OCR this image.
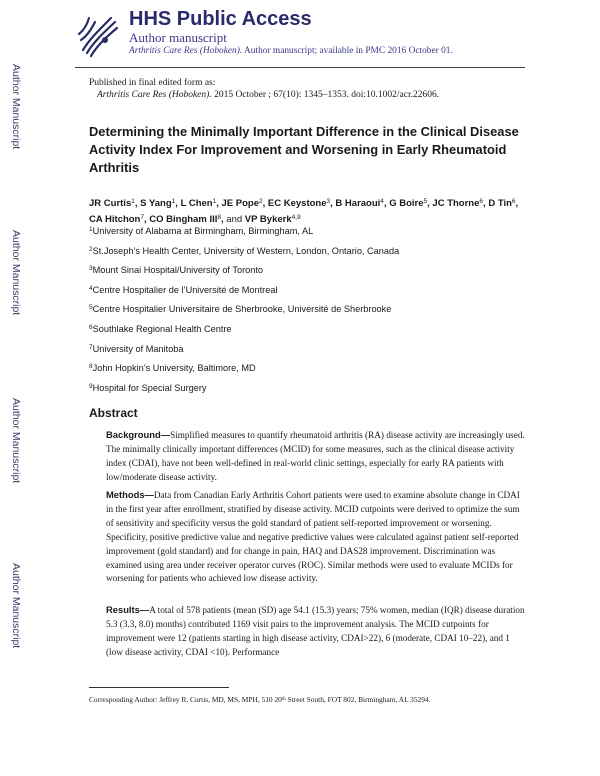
HHS Public Access
Author manuscript
Arthritis Care Res (Hoboken). Author manuscript; available in PMC 2016 October 01.
Author Manuscript
Author Manuscript
Author Manuscript
Author Manuscript
Published in final edited form as:
Arthritis Care Res (Hoboken). 2015 October ; 67(10): 1345–1353. doi:10.1002/acr.22606.
Determining the Minimally Important Difference in the Clinical Disease Activity Index For Improvement and Worsening in Early Rheumatoid Arthritis
JR Curtis$^1$, S Yang$^1$, L Chen$^1$, JE Pope$^2$, EC Keystone$^3$, B Haraoui$^4$, G Boire$^5$, JC Thorne$^6$, D Tin$^6$, CA Hitchon$^7$, CO Bingham III$^8$, and VP Bykerk$^{4,9}$
$^1$University of Alabama at Birmingham, Birmingham, AL
$^2$St.Joseph’s Health Center, University of Western, London, Ontario, Canada
$^3$Mount Sinai Hospital/University of Toronto
$^4$Centre Hospitalier de l’Université de Montreal
$^5$Centre Hospitalier Universitaire de Sherbrooke, Université de Sherbrooke
$^6$Southlake Regional Health Centre
$^7$University of Manitoba
$^8$John Hopkin’s University, Baltimore, MD
$^9$Hospital for Special Surgery
Abstract

Background—Simplified measures to quantify rheumatoid arthritis (RA) disease activity are increasingly used. The minimally clinically important differences (MCID) for some measures, such as the clinical disease activity index (CDAI), have not been well-defined in real-world clinic settings, especially for early RA patients with low/moderate disease activity.

Methods—Data from Canadian Early Arthritis Cohort patients were used to examine absolute change in CDAI in the first year after enrollment, stratified by disease activity. MCID cutpoints were derived to optimize the sum of sensitivity and specificity versus the gold standard of patient self-reported improvement or worsening. Specificity, positive predictive value and negative predictive values were calculated against patient self-reported improvement (gold standard) and for change in pain, HAQ and DAS28 improvement. Discrimination was examined using area under receiver operator curves (ROC). Similar methods were used to evaluate MCIDs for worsening for patients who achieved low disease activity.

Results—A total of 578 patients (mean (SD) age 54.1 (15.3) years; 75% women, median (IQR) disease duration 5.3 (3.3, 8.0) months) contributed 1169 visit pairs to the improvement analysis. The MCID cutpoints for improvement were 12 (patients starting in high disease activity, CDAI>22), 6 (moderate, CDAI 10–22), and 1 (low disease activity, CDAI <10). Performance

Corresponding Author: Jeffrey R. Curtis, MD, MS, MPH, 510 20th Street South, FOT 802, Birmingham, AL 35294.
